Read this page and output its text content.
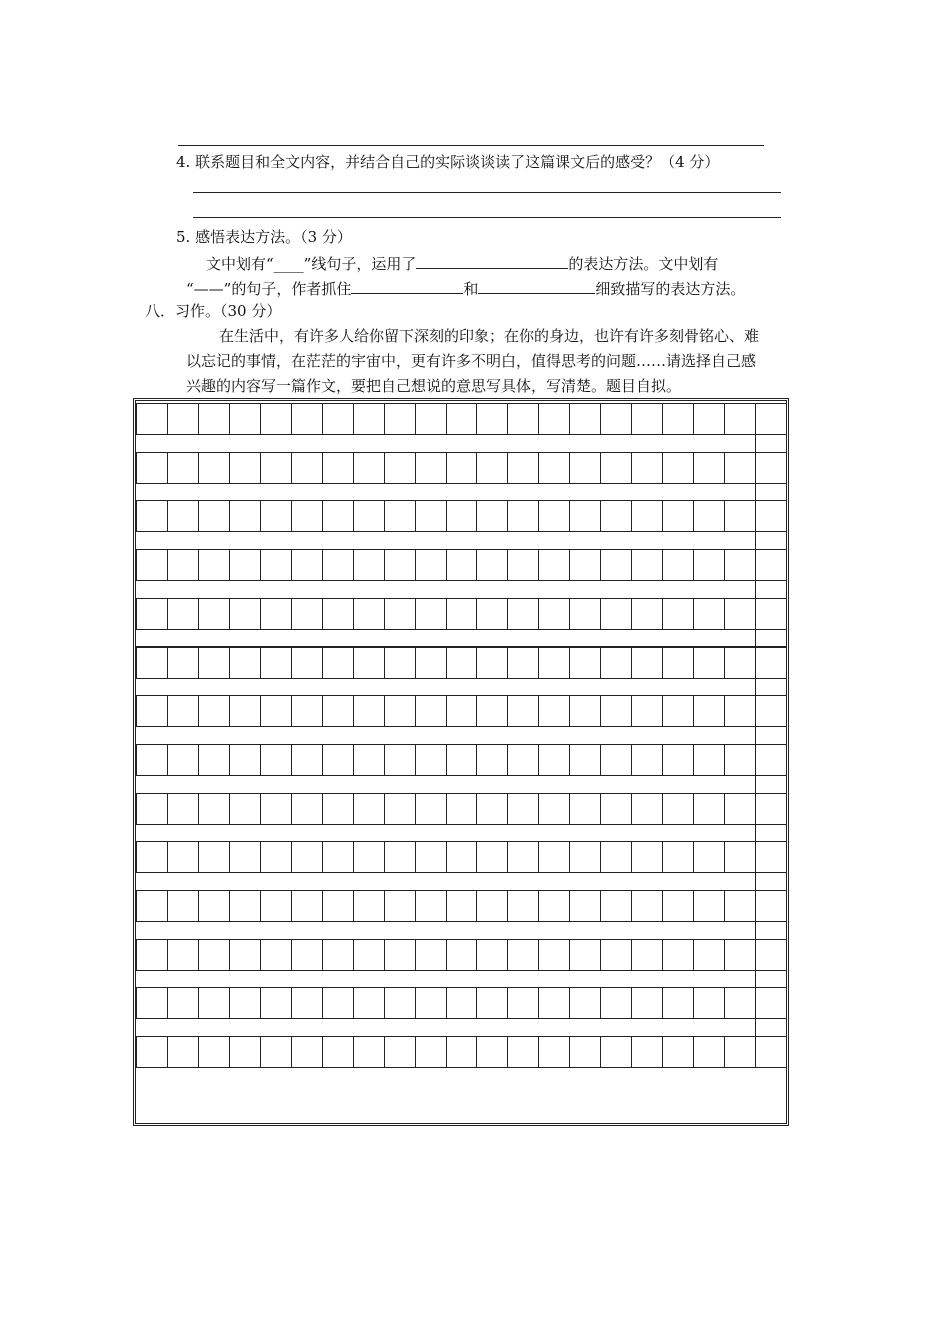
4. 联系题目和全文内容，并结合自己的实际谈谈读了这篇课文后的感受？（4 分）
5. 感悟表达方法。（3 分）
文中划有“____”线句子，运用了	的表达方法。文中划有
“——”的句子，作者抓住	和	细致描写的表达方法。
八．习作。（30 分）
在生活中，有许多人给你留下深刻的印象；在你的身边，也许有许多刻骨铭心、难
以忘记的事情，在茫茫的宇宙中，更有许多不明白，值得思考的问题……请选择自己感
兴趣的内容写一篇作文，要把自己想说的意思写具体，写清楚。题目自拟。
